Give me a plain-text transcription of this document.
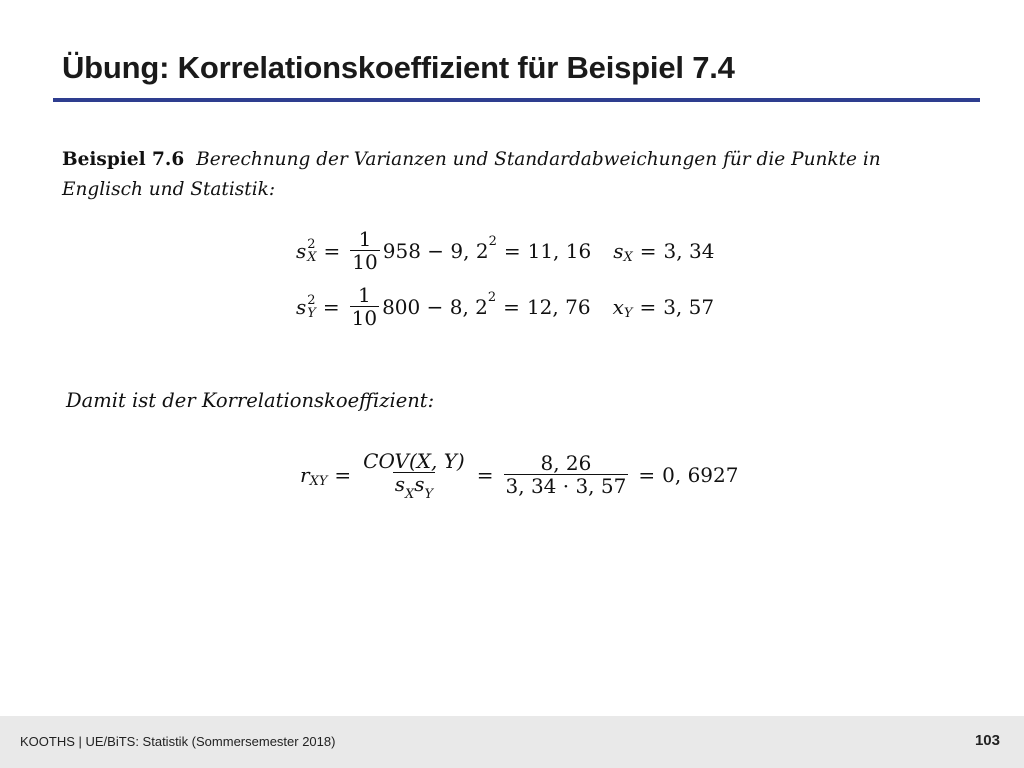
Übung: Korrelationskoeffizient für Beispiel 7.4
Beispiel 7.6 Berechnung der Varianzen und Standardabweichungen für die Punkte in Englisch und Statistik:
s 2
$X = \frac{1}{10} 958 - 9$, 2 2 = 11, 16 s X = 3, 34
s 2
$Y = \frac{1}{10} 800 - 8$, 2 2 = 12, 76 x Y = 3, 57
Damit ist der Korrelationskoeffizient:
r XY = $\frac{\text{COV(X, Y)}}{s_Xs_Y} = \frac{8, 26}{3, 34 \cdot 3, 57} = 0$, 6927
KOOTHS | UE/BiTS: Statistik (Sommersemester 2018)	103
